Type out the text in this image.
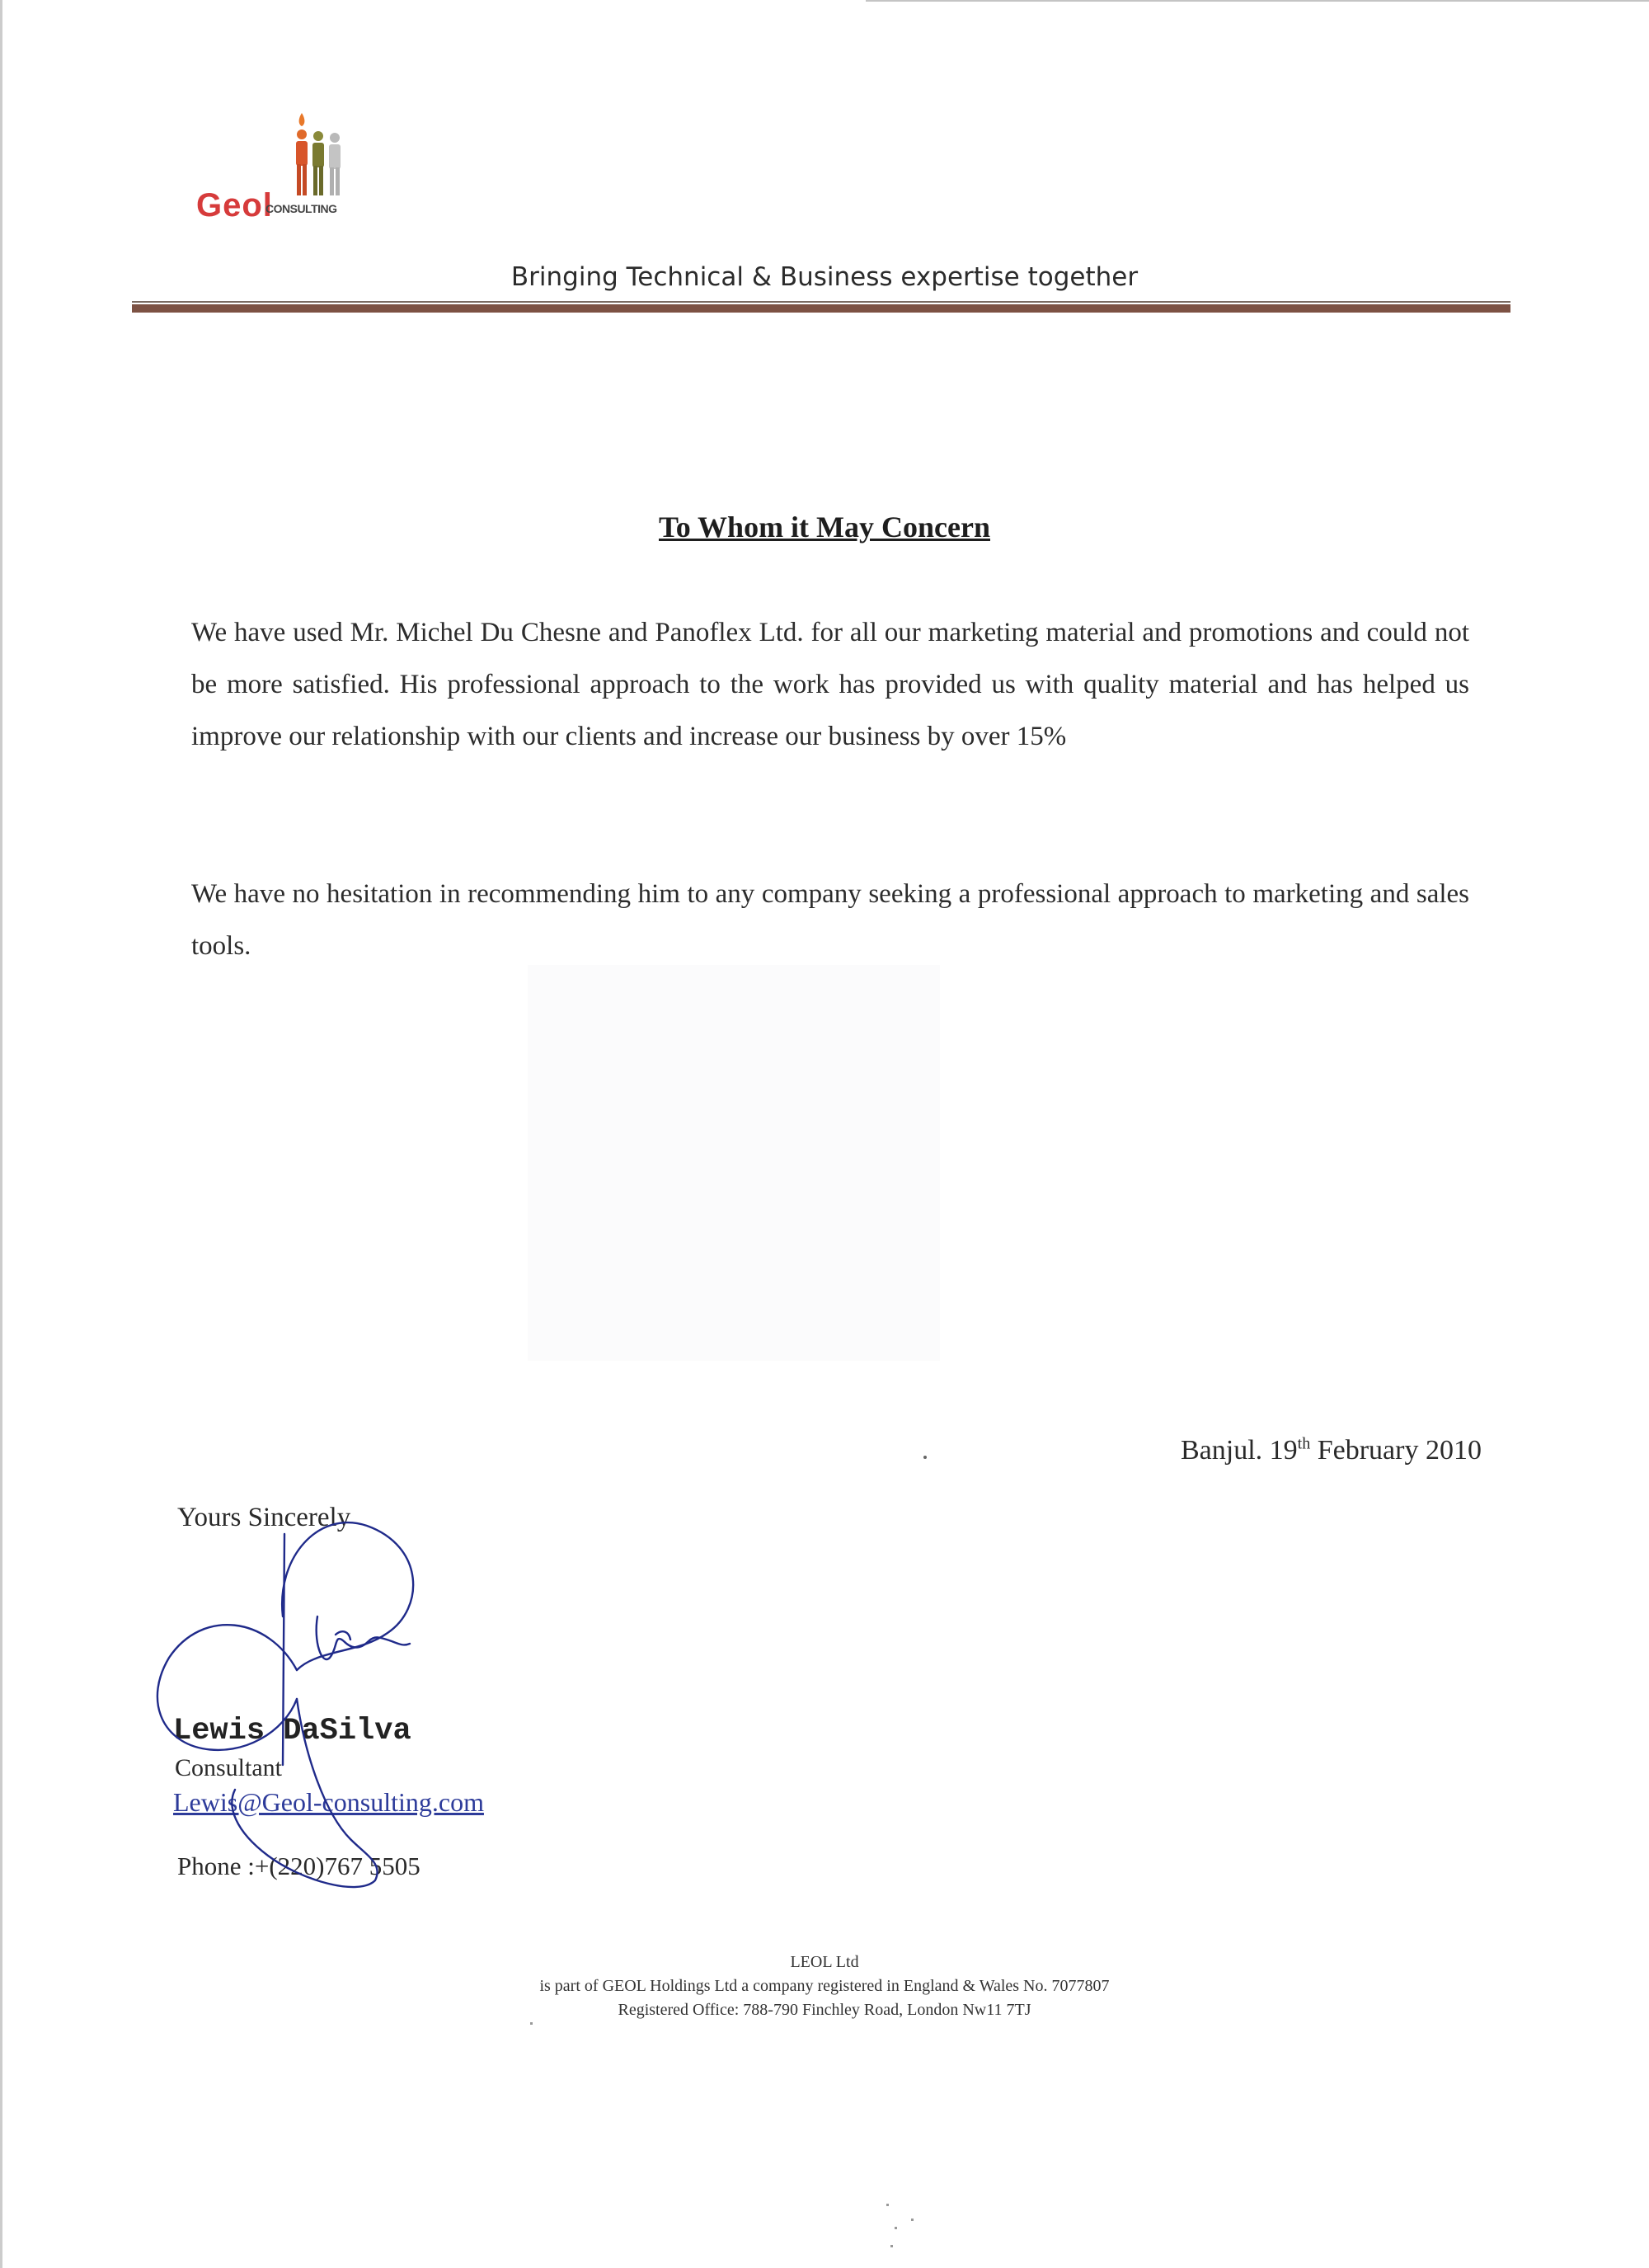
Geol
CONSULTING
Bringing Technical & Business expertise together
To Whom it May Concern
We have used Mr. Michel Du Chesne and Panoflex Ltd. for all our marketing material and promotions and could not be more satisfied. His professional approach to the work has provided us with quality material and has helped us improve our relationship with our clients and increase our business by over 15%
We have no hesitation in recommending him to any company seeking a professional approach to marketing and sales tools.
Banjul. 19th February 2010
Yours Sincerely
Lewis DaSilva
Consultant
Lewis@Geol-consulting.com
Phone :+(220)767 5505
LEOL Ltd
is part of GEOL Holdings Ltd a company registered in England & Wales No. 7077807
Registered Office: 788-790 Finchley Road, London Nw11 7TJ
